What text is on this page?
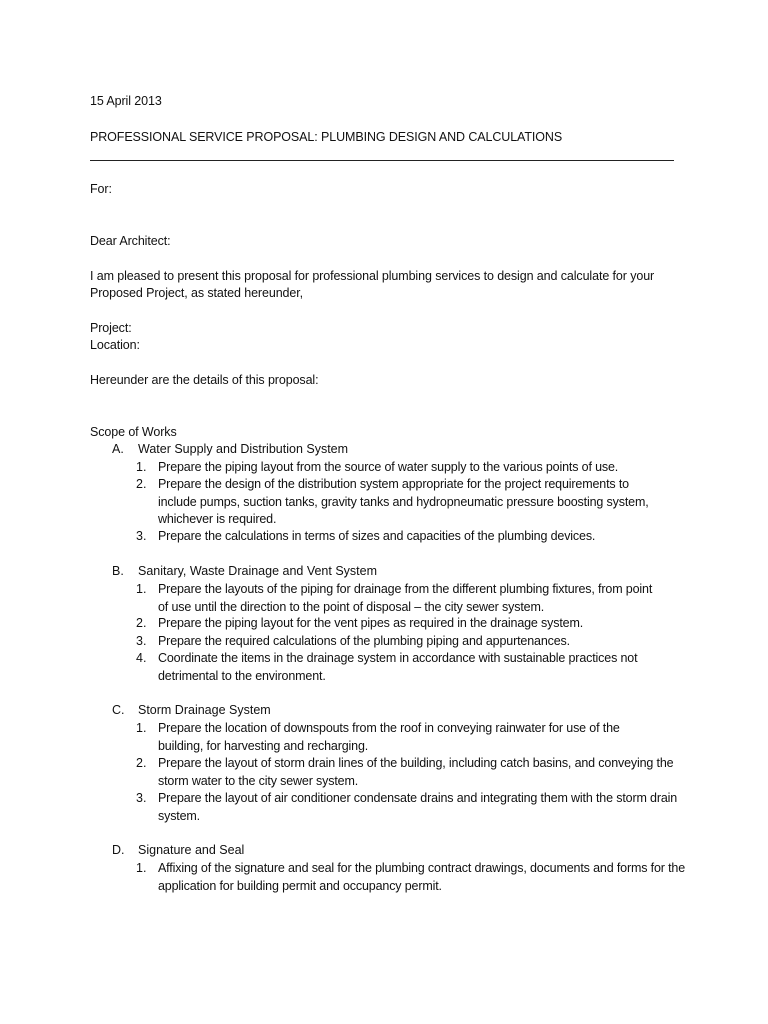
15 April 2013
PROFESSIONAL SERVICE PROPOSAL: PLUMBING DESIGN AND CALCULATIONS
For:
Dear Architect:
I am pleased to present this proposal for professional plumbing services to design and calculate for your
Proposed Project, as stated hereunder,
Project:
Location:
Hereunder are the details of this proposal:
Scope of Works
A. Water Supply and Distribution System
1. Prepare the piping layout from the source of water supply to the various points of use.
2. Prepare the design of the distribution system appropriate for the project requirements to include pumps, suction tanks, gravity tanks and hydropneumatic pressure boosting system, whichever is required.
3. Prepare the calculations in terms of sizes and capacities of the plumbing devices.
B. Sanitary, Waste Drainage and Vent System
1. Prepare the layouts of the piping for drainage from the different plumbing fixtures, from point of use until the direction to the point of disposal – the city sewer system.
2. Prepare the piping layout for the vent pipes as required in the drainage system.
3. Prepare the required calculations of the plumbing piping and appurtenances.
4. Coordinate the items in the drainage system in accordance with sustainable practices not detrimental to the environment.
C. Storm Drainage System
1. Prepare the location of downspouts from the roof in conveying rainwater for use of the building, for harvesting and recharging.
2. Prepare the layout of storm drain lines of the building, including catch basins, and conveying the storm water to the city sewer system.
3. Prepare the layout of air conditioner condensate drains and integrating them with the storm drain system.
D. Signature and Seal
1. Affixing of the signature and seal for the plumbing contract drawings, documents and forms for the application for building permit and occupancy permit.
